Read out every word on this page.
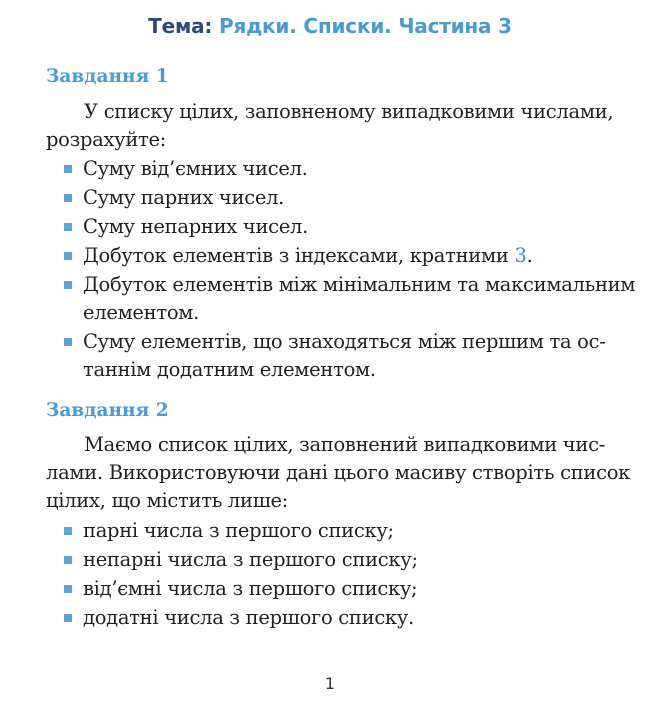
Тема: Рядки. Списки. Частина 3
Завдання 1
У списку цілих, заповненому випадковими числами,
розрахуйте:
Суму від’ємних чисел.
Суму парних чисел.
Суму непарних чисел.
Добуток елементів з індексами, кратними 3.
Добуток елементів між мінімальним та максимальним
елементом.
Суму елементів, що знаходяться між першим та ос-
таннім додатним елементом.
Завдання 2
Маємо список цілих, заповнений випадковими чис-
лами. Використовуючи дані цього масиву створіть список
цілих, що містить лише:
парні числа з першого списку;
непарні числа з першого списку;
від’ємні числа з першого списку;
додатні числа з першого списку.
1
